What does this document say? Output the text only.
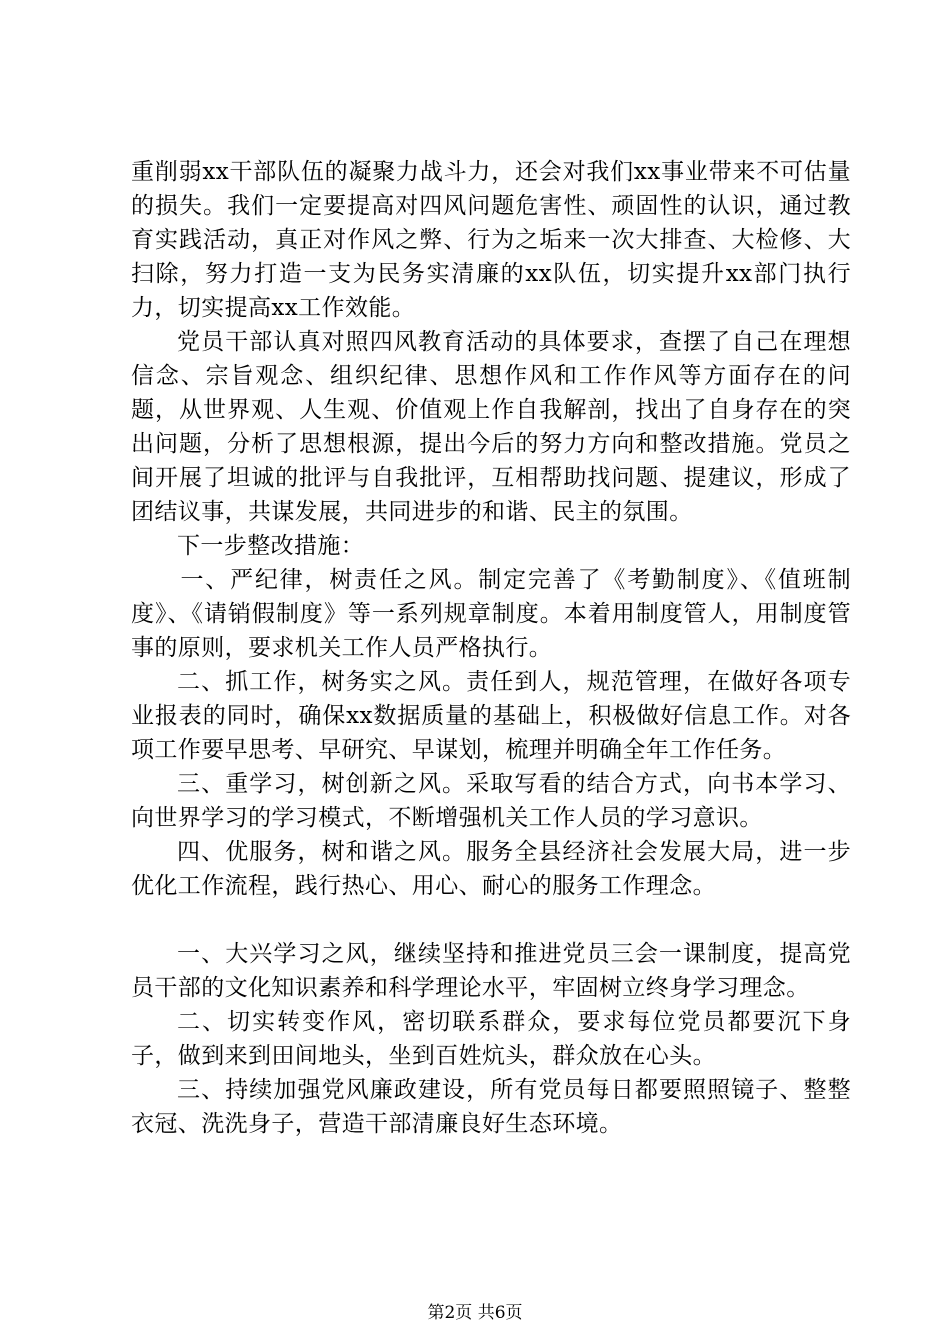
重削弱xx干部队伍的凝聚力战斗力，还会对我们xx事业带来不可估量的损失。我们一定要提高对四风问题危害性、顽固性的认识，通过教育实践活动，真正对作风之弊、行为之垢来一次大排查、大检修、大扫除，努力打造一支为民务实清廉的xx队伍，切实提升xx部门执行力，切实提高xx工作效能。

党员干部认真对照四风教育活动的具体要求，查摆了自己在理想信念、宗旨观念、组织纪律、思想作风和工作作风等方面存在的问题，从世界观、人生观、价值观上作自我解剖，找出了自身存在的突出问题，分析了思想根源，提出今后的努力方向和整改措施。党员之间开展了坦诚的批评与自我批评，互相帮助找问题、提建议，形成了团结议事，共谋发展，共同进步的和谐、民主的氛围。

下一步整改措施：

一、严纪律，树责任之风。制定完善了《考勤制度》、《值班制度》、《请销假制度》等一系列规章制度。本着用制度管人，用制度管事的原则，要求机关工作人员严格执行。

二、抓工作，树务实之风。责任到人，规范管理，在做好各项专业报表的同时，确保xx数据质量的基础上，积极做好信息工作。对各项工作要早思考、早研究、早谋划，梳理并明确全年工作任务。

三、重学习，树创新之风。采取写看的结合方式，向书本学习、向世界学习的学习模式，不断增强机关工作人员的学习意识。

四、优服务，树和谐之风。服务全县经济社会发展大局，进一步优化工作流程，践行热心、用心、耐心的服务工作理念。

一、大兴学习之风，继续坚持和推进党员三会一课制度，提高党员干部的文化知识素养和科学理论水平，牢固树立终身学习理念。

二、切实转变作风，密切联系群众，要求每位党员都要沉下身子，做到来到田间地头，坐到百姓炕头，群众放在心头。

三、持续加强党风廉政建设，所有党员每日都要照照镜子、整整衣冠、洗洗身子，营造干部清廉良好生态环境。

第2页 共6页
